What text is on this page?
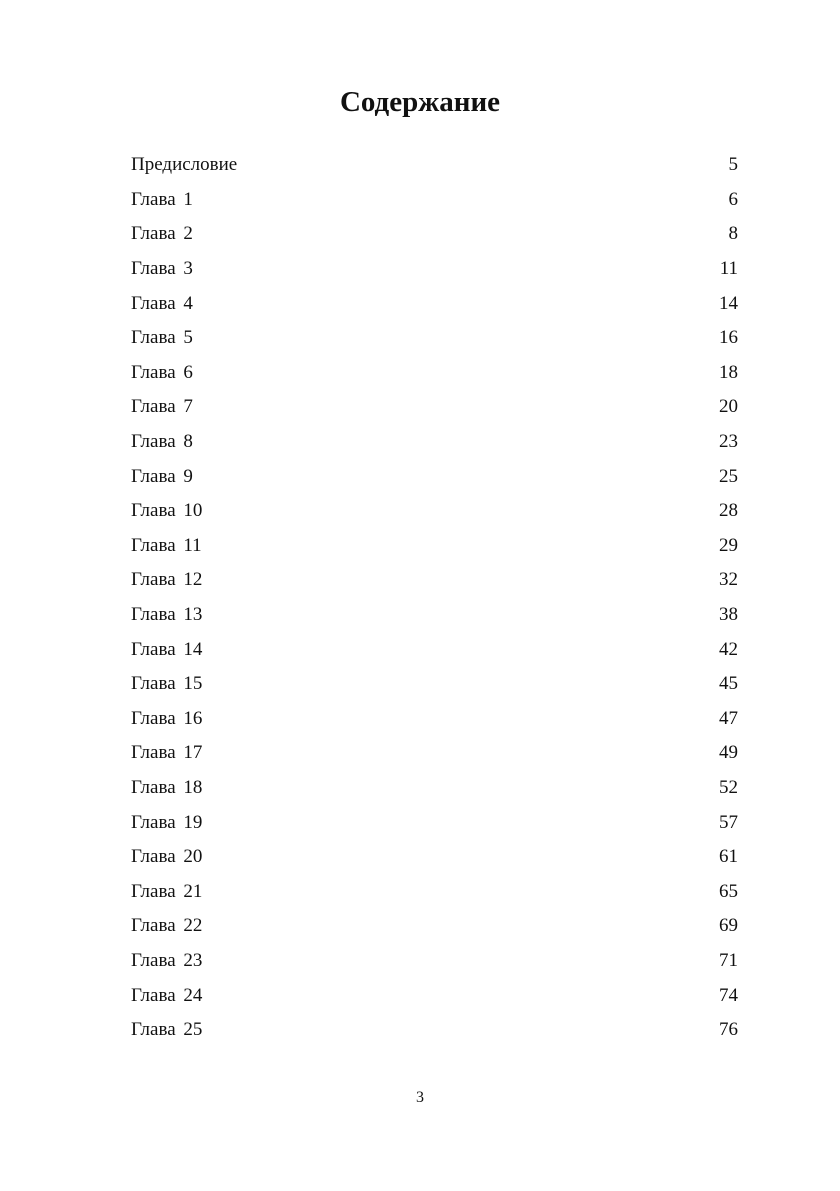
Содержание
Предисловие	5
Глава 1	6
Глава 2	8
Глава 3	11
Глава 4	14
Глава 5	16
Глава 6	18
Глава 7	20
Глава 8	23
Глава 9	25
Глава 10	28
Глава 11	29
Глава 12	32
Глава 13	38
Глава 14	42
Глава 15	45
Глава 16	47
Глава 17	49
Глава 18	52
Глава 19	57
Глава 20	61
Глава 21	65
Глава 22	69
Глава 23	71
Глава 24	74
Глава 25	76
3
